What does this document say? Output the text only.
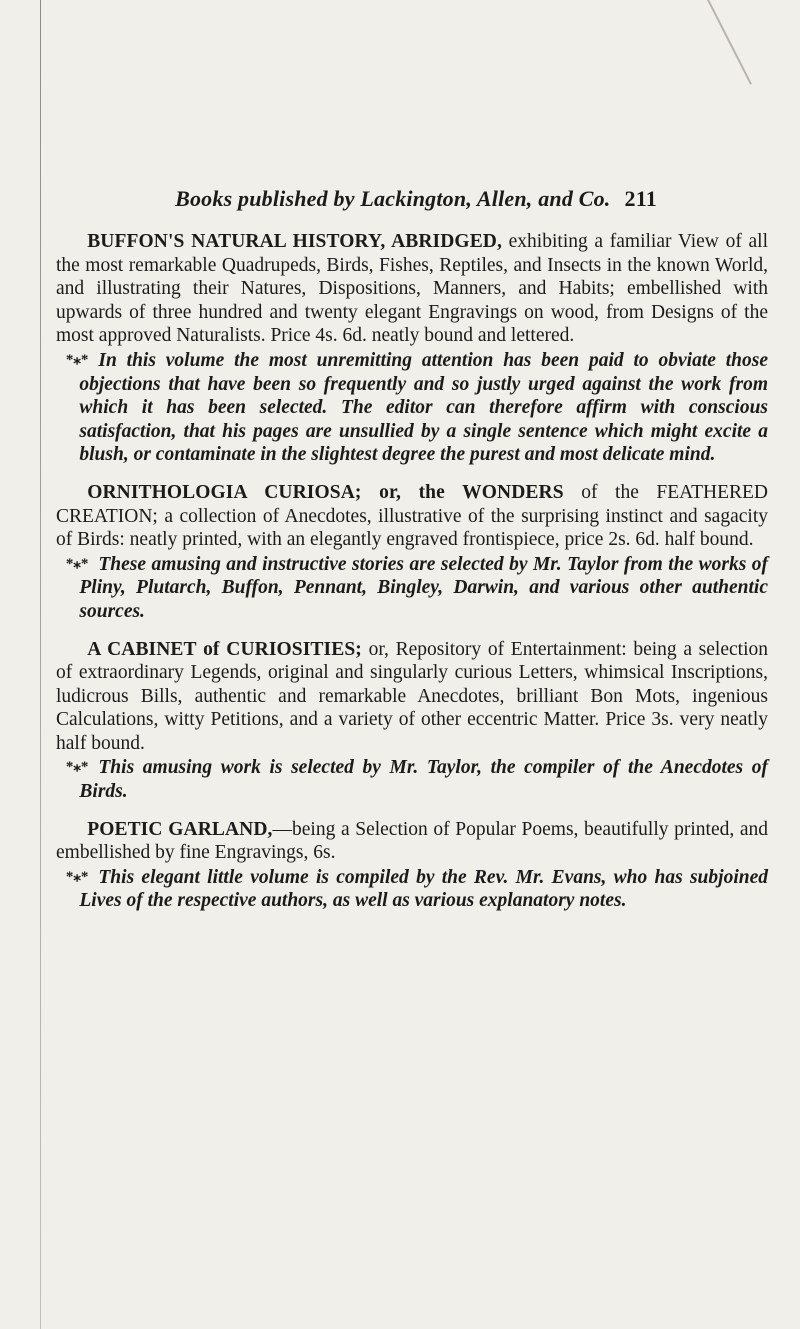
Books published by Lackington, Allen, and Co. 211

BUFFON'S NATURAL HISTORY, ABRIDGED, exhibiting a familiar View of all the most remarkable Quadrupeds, Birds, Fishes, Reptiles, and Insects in the known World, and illustrating their Natures, Dispositions, Manners, and Habits; embellished with upwards of three hundred and twenty elegant Engravings on wood, from Designs of the most approved Naturalists. Price 4s. 6d. neatly bound and lettered.

*⁎* In this volume the most unremitting attention has been paid to obviate those objections that have been so frequently and so justly urged against the work from which it has been selected. The editor can therefore affirm with conscious satisfaction, that his pages are unsullied by a single sentence which might excite a blush, or contaminate in the slightest degree the purest and most delicate mind.

ORNITHOLOGIA CURIOSA; or, the WONDERS of the FEATHERED CREATION; a collection of Anecdotes, illustrative of the surprising instinct and sagacity of Birds: neatly printed, with an elegantly engraved frontispiece, price 2s. 6d. half bound.

*⁎* These amusing and instructive stories are selected by Mr. Taylor from the works of Pliny, Plutarch, Buffon, Pennant, Bingley, Darwin, and various other authentic sources.

A CABINET of CURIOSITIES; or, Repository of Entertainment: being a selection of extraordinary Legends, original and singularly curious Letters, whimsical Inscriptions, ludicrous Bills, authentic and remarkable Anecdotes, brilliant Bon Mots, ingenious Calculations, witty Petitions, and a variety of other eccentric Matter. Price 3s. very neatly half bound.

*⁎* This amusing work is selected by Mr. Taylor, the compiler of the Anecdotes of Birds.

POETIC GARLAND,—being a Selection of Popular Poems, beautifully printed, and embellished by fine Engravings, 6s.

*⁎* This elegant little volume is compiled by the Rev. Mr. Evans, who has subjoined Lives of the respective authors, as well as various explanatory notes.
